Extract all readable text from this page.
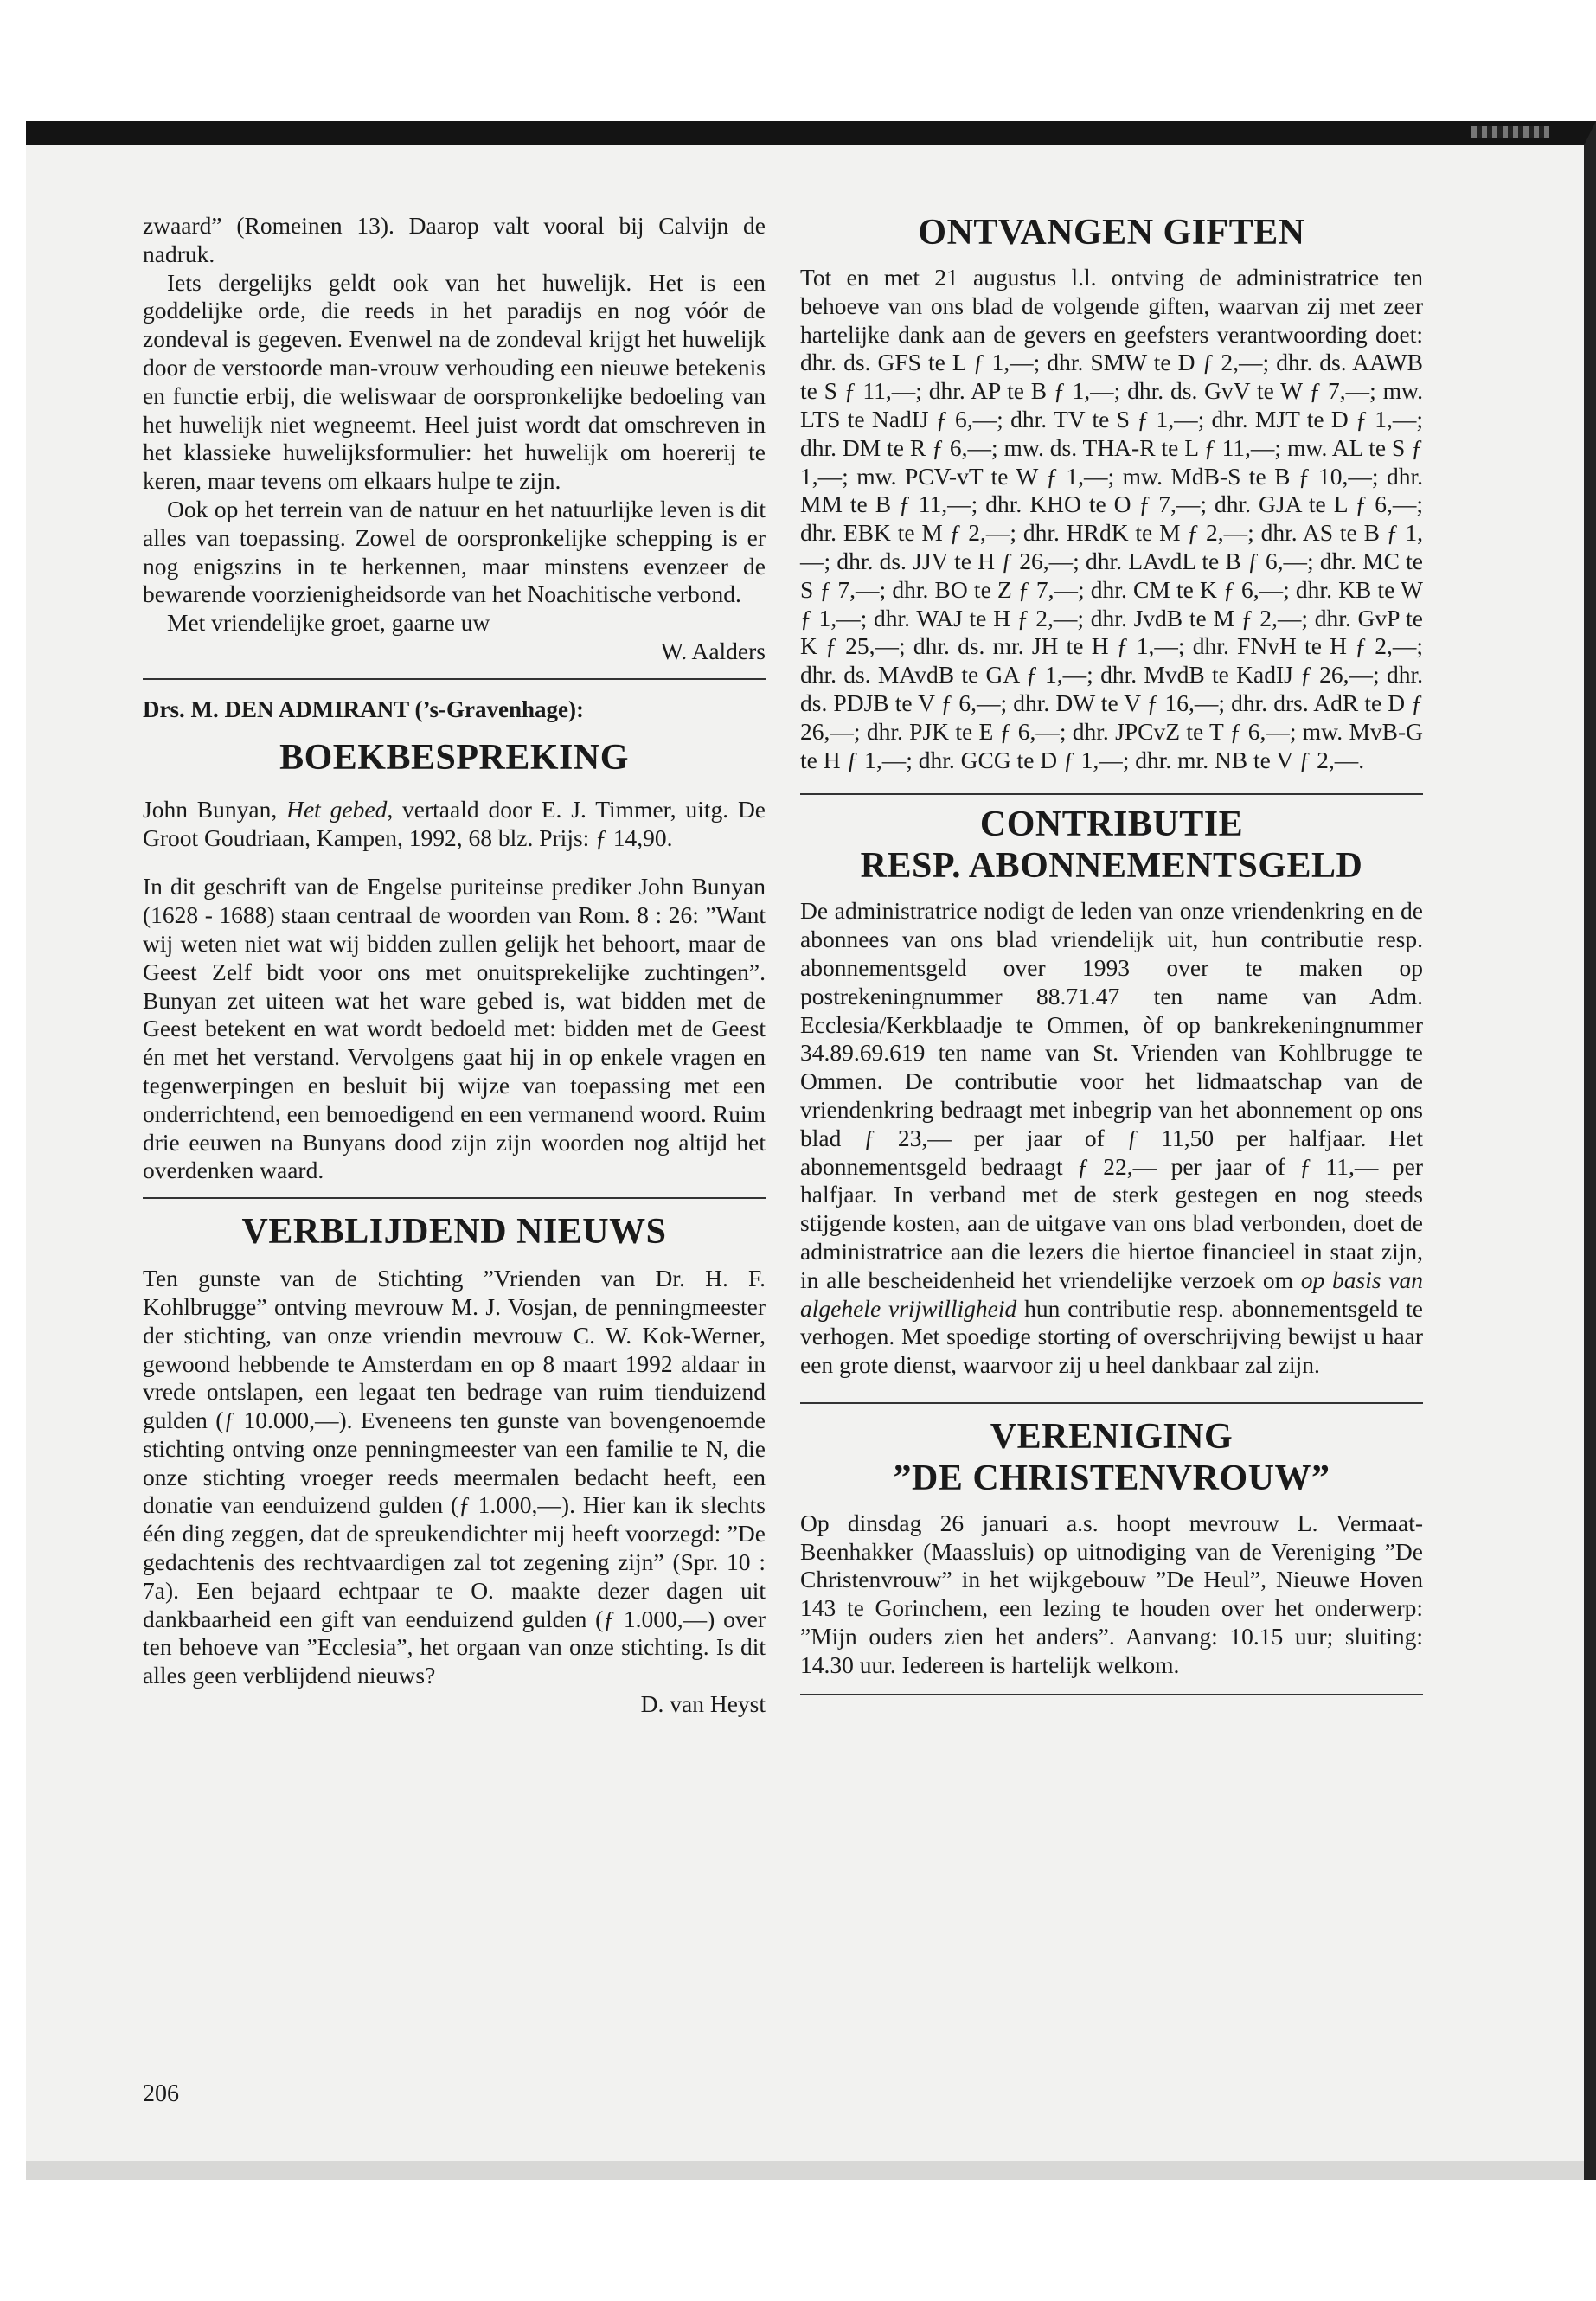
zwaard” (Romeinen 13). Daarop valt vooral bij Calvijn de nadruk.

Iets dergelijks geldt ook van het huwelijk. Het is een goddelijke orde, die reeds in het paradijs en nog vóór de zondeval is gegeven. Evenwel na de zondeval krijgt het huwelijk door de verstoorde man-vrouw verhouding een nieuwe betekenis en functie erbij, die weliswaar de oorspronkelijke bedoeling van het huwelijk niet wegneemt. Heel juist wordt dat omschreven in het klassieke huwelijksformulier: het huwelijk om hoererij te keren, maar tevens om elkaars hulpe te zijn.

Ook op het terrein van de natuur en het natuurlijke leven is dit alles van toepassing. Zowel de oorspronkelijke schepping is er nog enigszins in te herkennen, maar minstens evenzeer de bewarende voorzienigheidsorde van het Noachitische verbond.

Met vriendelijke groet, gaarne uw

W. Aalders

Drs. M. DEN ADMIRANT (’s-Gravenhage):

BOEKBESPREKING

John Bunyan, Het gebed, vertaald door E. J. Timmer, uitg. De Groot Goudriaan, Kampen, 1992, 68 blz. Prijs: ƒ 14,90.

In dit geschrift van de Engelse puriteinse prediker John Bunyan (1628 - 1688) staan centraal de woorden van Rom. 8 : 26: ”Want wij weten niet wat wij bidden zullen gelijk het behoort, maar de Geest Zelf bidt voor ons met onuitsprekelijke zuchtingen”. Bunyan zet uiteen wat het ware gebed is, wat bidden met de Geest betekent en wat wordt bedoeld met: bidden met de Geest én met het verstand. Vervolgens gaat hij in op enkele vragen en tegenwerpingen en besluit bij wijze van toepassing met een onderrichtend, een bemoedigend en een vermanend woord. Ruim drie eeuwen na Bunyans dood zijn zijn woorden nog altijd het overdenken waard.

VERBLIJDEND NIEUWS

Ten gunste van de Stichting ”Vrienden van Dr. H. F. Kohlbrugge” ontving mevrouw M. J. Vosjan, de penningmeester der stichting, van onze vriendin mevrouw C. W. Kok-Werner, gewoond hebbende te Amsterdam en op 8 maart 1992 aldaar in vrede ontslapen, een legaat ten bedrage van ruim tienduizend gulden (ƒ 10.000,—). Eveneens ten gunste van bovengenoemde stichting ontving onze penningmeester van een familie te N, die onze stichting vroeger reeds meermalen bedacht heeft, een donatie van eenduizend gulden (ƒ 1.000,—). Hier kan ik slechts één ding zeggen, dat de spreukendichter mij heeft voorzegd: ”De gedachtenis des rechtvaardigen zal tot zegening zijn” (Spr. 10 : 7a). Een bejaard echtpaar te O. maakte dezer dagen uit dankbaarheid een gift van eenduizend gulden (ƒ 1.000,—) over ten behoeve van ”Ecclesia”, het orgaan van onze stichting. Is dit alles geen verblijdend nieuws?

D. van Heyst

ONTVANGEN GIFTEN

Tot en met 21 augustus l.l. ontving de administratrice ten behoeve van ons blad de volgende giften, waarvan zij met zeer hartelijke dank aan de gevers en geefsters verantwoording doet: dhr. ds. GFS te L ƒ 1,—; dhr. SMW te D ƒ 2,—; dhr. ds. AAWB te S ƒ 11,—; dhr. AP te B ƒ 1,—; dhr. ds. GvV te W ƒ 7,—; mw. LTS te NadIJ ƒ 6,—; dhr. TV te S ƒ 1,—; dhr. MJT te D ƒ 1,—; dhr. DM te R ƒ 6,—; mw. ds. THA-R te L ƒ 11,—; mw. AL te S ƒ 1,—; mw. PCV-vT te W ƒ 1,—; mw. MdB-S te B ƒ 10,—; dhr. MM te B ƒ 11,—; dhr. KHO te O ƒ 7,—; dhr. GJA te L ƒ 6,—; dhr. EBK te M ƒ 2,—; dhr. HRdK te M ƒ 2,—; dhr. AS te B ƒ 1,—; dhr. ds. JJV te H ƒ 26,—; dhr. LAvdL te B ƒ 6,—; dhr. MC te S ƒ 7,—; dhr. BO te Z ƒ 7,—; dhr. CM te K ƒ 6,—; dhr. KB te W ƒ 1,—; dhr. WAJ te H ƒ 2,—; dhr. JvdB te M ƒ 2,—; dhr. GvP te K ƒ 25,—; dhr. ds. mr. JH te H ƒ 1,—; dhr. FNvH te H ƒ 2,—; dhr. ds. MAvdB te GA ƒ 1,—; dhr. MvdB te KadIJ ƒ 26,—; dhr. ds. PDJB te V ƒ 6,—; dhr. DW te V ƒ 16,—; dhr. drs. AdR te D ƒ 26,—; dhr. PJK te E ƒ 6,—; dhr. JPCvZ te T ƒ 6,—; mw. MvB-G te H ƒ 1,—; dhr. GCG te D ƒ 1,—; dhr. mr. NB te V ƒ 2,—.

CONTRIBUTIE
RESP. ABONNEMENTSGELD

De administratrice nodigt de leden van onze vriendenkring en de abonnees van ons blad vriendelijk uit, hun contributie resp. abonnementsgeld over 1993 over te maken op postrekeningnummer 88.71.47 ten name van Adm. Ecclesia/Kerkblaadje te Ommen, òf op bankrekeningnummer 34.89.69.619 ten name van St. Vrienden van Kohlbrugge te Ommen. De contributie voor het lidmaatschap van de vriendenkring bedraagt met inbegrip van het abonnement op ons blad ƒ 23,— per jaar of ƒ 11,50 per halfjaar. Het abonnementsgeld bedraagt ƒ 22,— per jaar of ƒ 11,— per halfjaar. In verband met de sterk gestegen en nog steeds stijgende kosten, aan de uitgave van ons blad verbonden, doet de administratrice aan die lezers die hiertoe financieel in staat zijn, in alle bescheidenheid het vriendelijke verzoek om op basis van algehele vrijwilligheid hun contributie resp. abonnementsgeld te verhogen. Met spoedige storting of overschrijving bewijst u haar een grote dienst, waarvoor zij u heel dankbaar zal zijn.

VERENIGING
”DE CHRISTENVROUW”

Op dinsdag 26 januari a.s. hoopt mevrouw L. Vermaat-Beenhakker (Maassluis) op uitnodiging van de Vereniging ”De Christenvrouw” in het wijkgebouw ”De Heul”, Nieuwe Hoven 143 te Gorinchem, een lezing te houden over het onderwerp: ”Mijn ouders zien het anders”. Aanvang: 10.15 uur; sluiting: 14.30 uur. Iedereen is hartelijk welkom.

206
